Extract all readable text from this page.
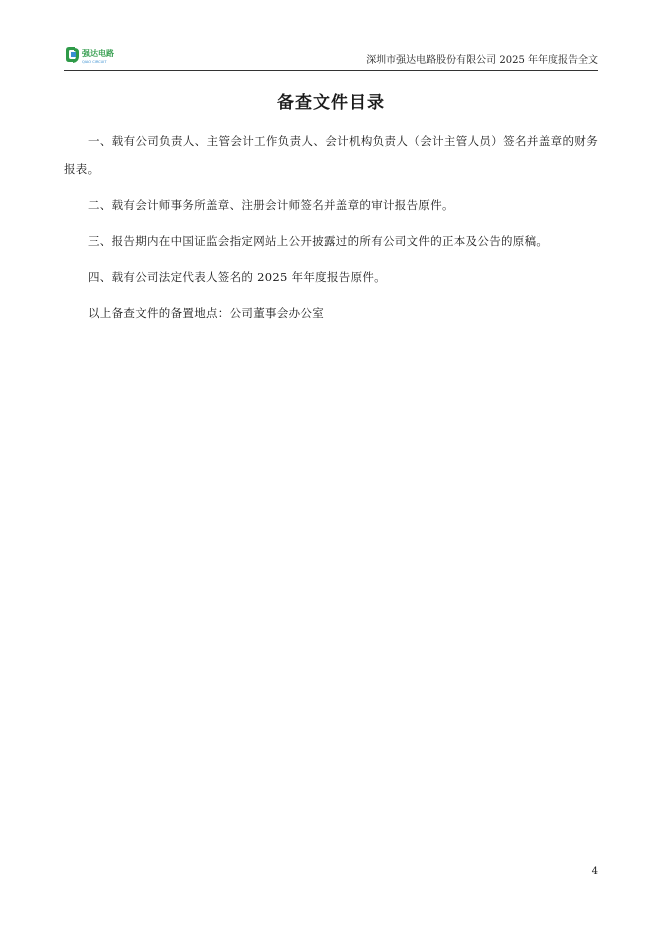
强达电路
QIAO CIRCUIT	深圳市强达电路股份有限公司 2025 年年度报告全文
备查文件目录

一、载有公司负责人、主管会计工作负责人、会计机构负责人（会计主管人员）签名并盖章的财务报表。

二、载有会计师事务所盖章、注册会计师签名并盖章的审计报告原件。

三、报告期内在中国证监会指定网站上公开披露过的所有公司文件的正本及公告的原稿。

四、载有公司法定代表人签名的 2025 年年度报告原件。

以上备查文件的备置地点：公司董事会办公室

4
